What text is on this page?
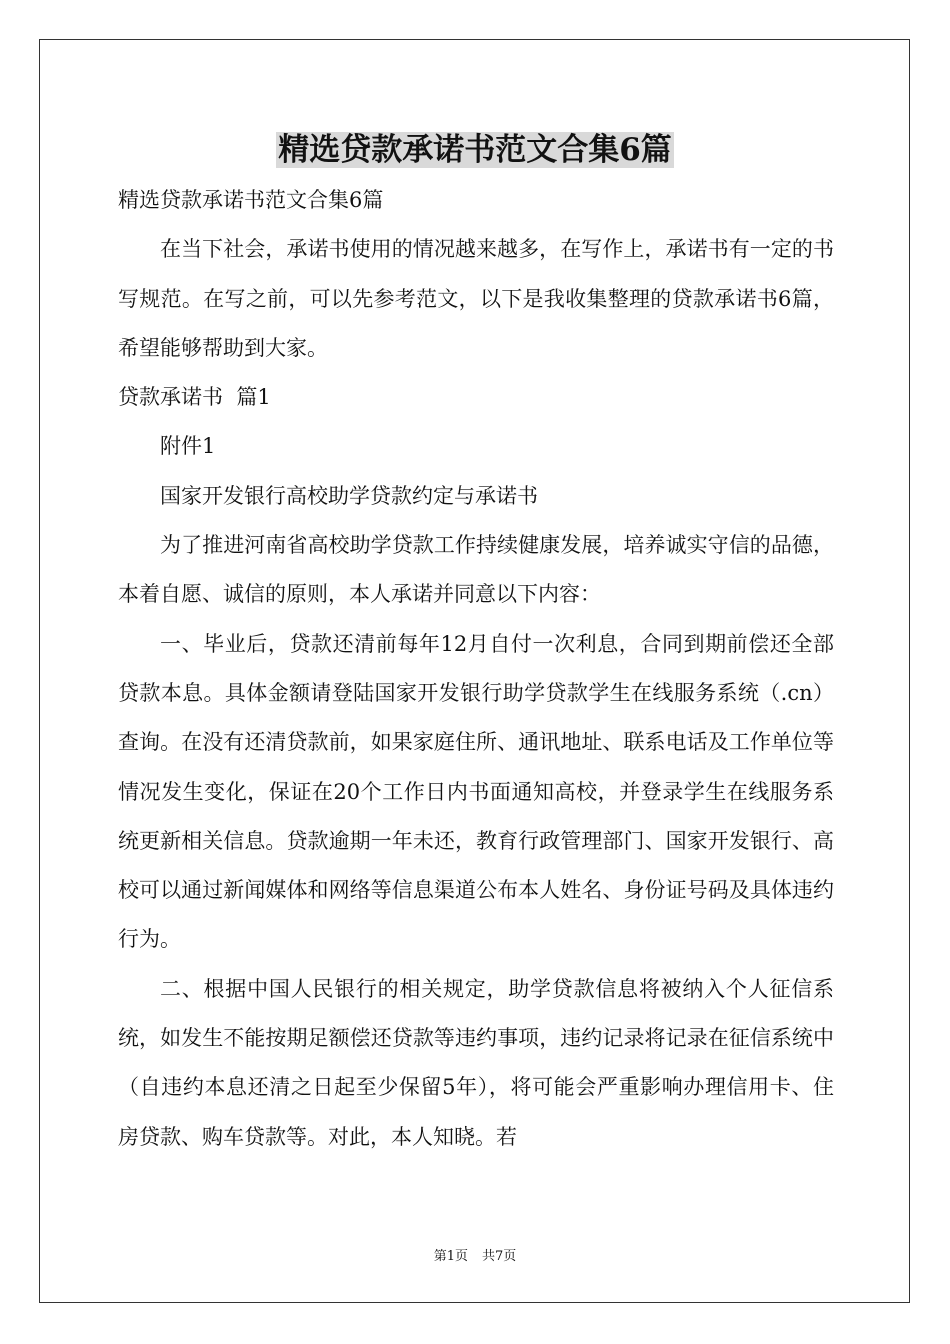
精选贷款承诺书范文合集6篇

精选贷款承诺书范文合集6篇

在当下社会，承诺书使用的情况越来越多，在写作上，承诺书有一定的书写规范。在写之前，可以先参考范文，以下是我收集整理的贷款承诺书6篇，希望能够帮助到大家。

贷款承诺书  篇1

附件1

国家开发银行高校助学贷款约定与承诺书

为了推进河南省高校助学贷款工作持续健康发展，培养诚实守信的品德，本着自愿、诚信的原则，本人承诺并同意以下内容：

一、毕业后，贷款还清前每年12月自付一次利息，合同到期前偿还全部贷款本息。具体金额请登陆国家开发银行助学贷款学生在线服务系统（.cn）查询。在没有还清贷款前，如果家庭住所、通讯地址、联系电话及工作单位等情况发生变化，保证在20个工作日内书面通知高校，并登录学生在线服务系统更新相关信息。贷款逾期一年未还，教育行政管理部门、国家开发银行、高校可以通过新闻媒体和网络等信息渠道公布本人姓名、身份证号码及具体违约行为。

二、根据中国人民银行的相关规定，助学贷款信息将被纳入个人征信系统，如发生不能按期足额偿还贷款等违约事项，违约记录将记录在征信系统中（自违约本息还清之日起至少保留5年），将可能会严重影响办理信用卡、住房贷款、购车贷款等。对此，本人知晓。若

第1页 共7页
